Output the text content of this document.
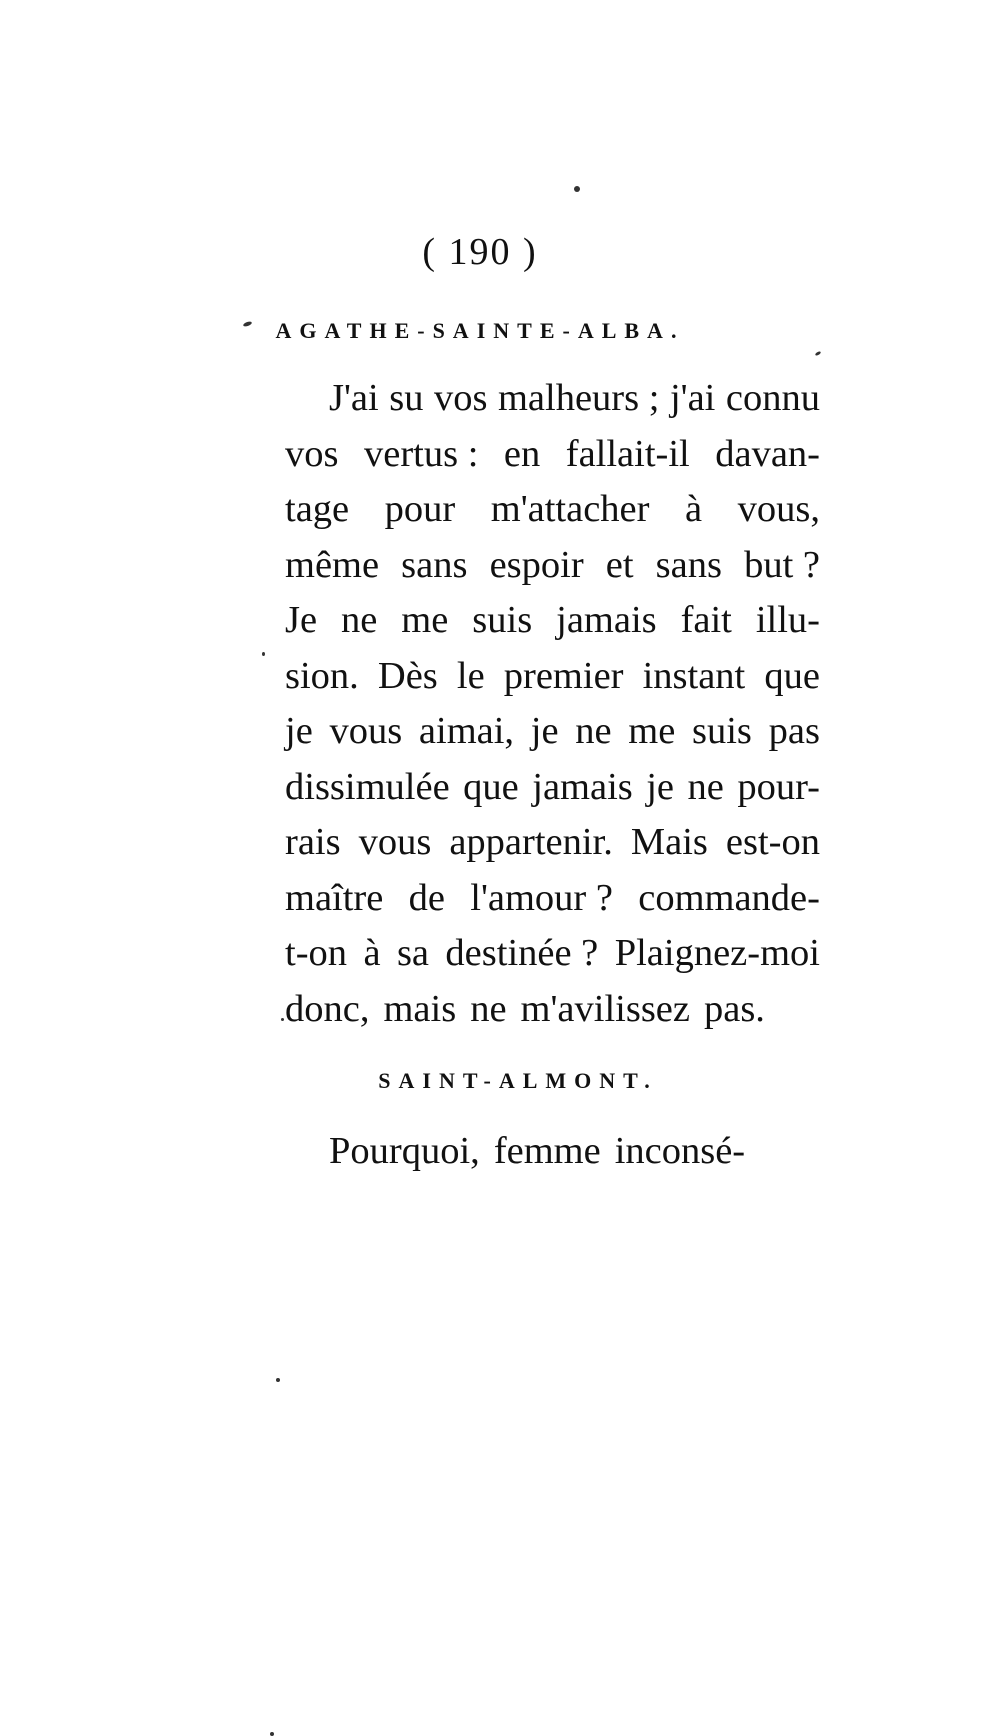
( 190 )
AGATHE-SAINTE-ALBA.
J'ai su vos malheurs ; j'ai connu
vos vertus : en fallait-il davan-
tage pour m'attacher à vous,
même sans espoir et sans but ?
Je ne me suis jamais fait illu-
sion. Dès le premier instant que
je vous aimai, je ne me suis pas
dissimulée que jamais je ne pour-
rais vous appartenir. Mais est-on
maître de l'amour ? commande-
t-on à sa destinée ? Plaignez-moi
donc, mais ne m'avilissez pas.
SAINT-ALMONT.
Pourquoi, femme inconsé-
